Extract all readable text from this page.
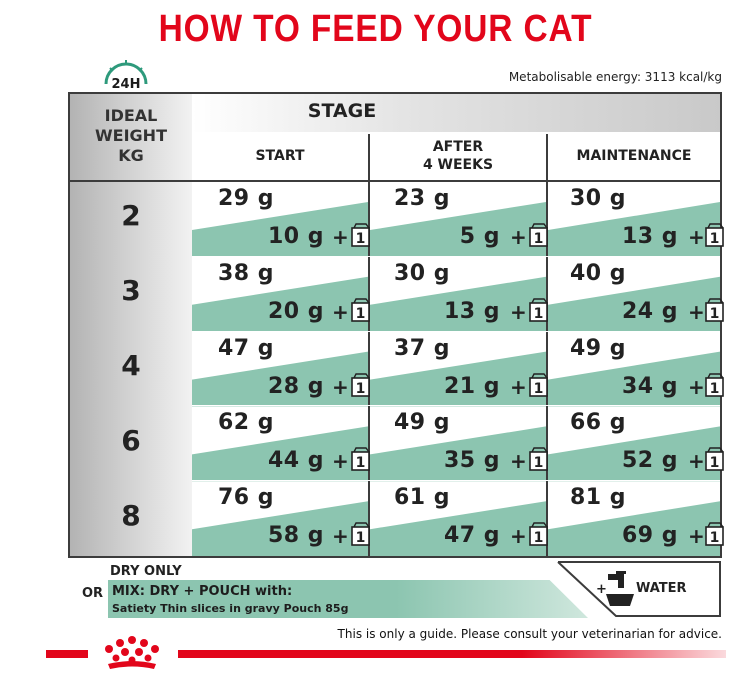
HOW TO FEED YOUR CAT
24H	Metabolisable energy: 3113 kcal/kg
IDEAL
WEIGHT
KG
STAGE
START
AFTER
4 WEEKS
MAINTENANCE
2
29 g
10 g + 1
23 g
5 g + 1
30 g
13 g + 1
3
38 g
20 g + 1
30 g
13 g + 1
40 g
24 g + 1
4
47 g
28 g + 1
37 g
21 g + 1
49 g
34 g + 1
6
62 g
44 g + 1
49 g
35 g + 1
66 g
52 g + 1
8
76 g
58 g + 1
61 g
47 g + 1
81 g
69 g + 1
DRY ONLY
OR MIX: DRY + POUCH with:
Satiety Thin slices in gravy Pouch 85g
+ WATER
This is only a guide. Please consult your veterinarian for advice.
